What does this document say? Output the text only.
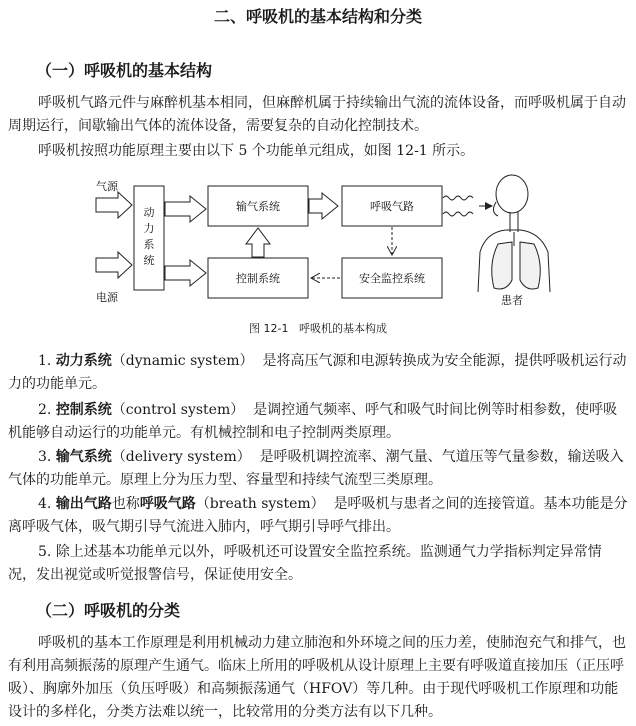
二、呼吸机的基本结构和分类
（一）呼吸机的基本结构

呼吸机气路元件与麻醉机基本相同，但麻醉机属于持续输出气流的流体设备，而呼吸机属于自动周期运行，间歇输出气体的流体设备，需要复杂的自动化控制技术。

呼吸机按照功能原理主要由以下 5 个功能单元组成，如图 12-1 所示。

气源
电源
动
力
系
统
输气系统	呼吸气路
控制系统	安全监控系统
患者
图 12-1 呼吸机的基本构成

1. 动力系统（dynamic system） 是将高压气源和电源转换成为安全能源，提供呼吸机运行动力的功能单元。

2. 控制系统（control system） 是调控通气频率、呼气和吸气时间比例等时相参数，使呼吸机能够自动运行的功能单元。有机械控制和电子控制两类原理。

3. 输气系统（delivery system） 是呼吸机调控流率、潮气量、气道压等气量参数，输送吸入气体的功能单元。原理上分为压力型、容量型和持续气流型三类原理。

4. 输出气路也称呼吸气路（breath system） 是呼吸机与患者之间的连接管道。基本功能是分离呼吸气体，吸气期引导气流进入肺内，呼气期引导呼气排出。

5. 除上述基本功能单元以外，呼吸机还可设置安全监控系统。监测通气力学指标判定异常情况，发出视觉或听觉报警信号，保证使用安全。

（二）呼吸机的分类

呼吸机的基本工作原理是利用机械动力建立肺泡和外环境之间的压力差，使肺泡充气和排气，也有利用高频振荡的原理产生通气。临床上所用的呼吸机从设计原理上主要有呼吸道直接加压（正压呼吸）、胸廓外加压（负压呼吸）和高频振荡通气（HFOV）等几种。由于现代呼吸机工作原理和功能设计的多样化，分类方法难以统一，比较常用的分类方法有以下几种。
